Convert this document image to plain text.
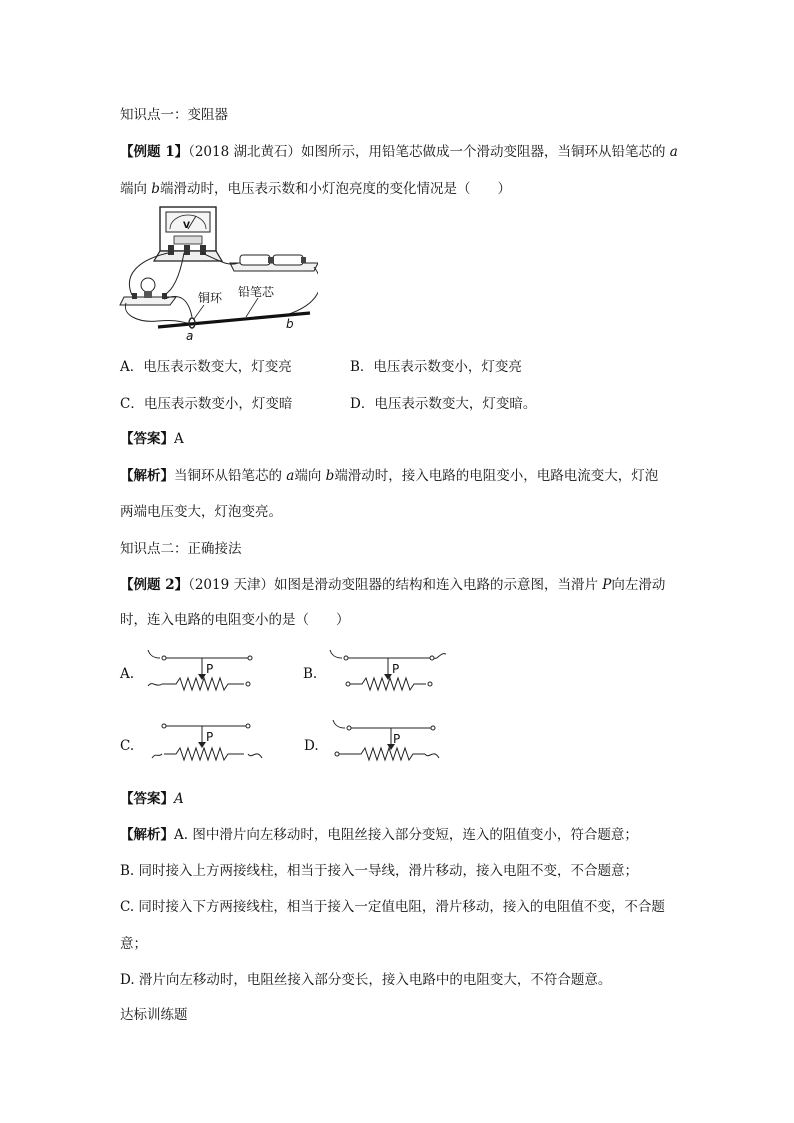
知识点一：变阻器
【例题 1】（2018 湖北黄石）如图所示，用铅笔芯做成一个滑动变阻器，当铜环从铅笔芯的 a
端向 b端滑动时，电压表示数和小灯泡亮度的变化情况是（　　）
V
铜环 铅笔芯
a
b
A．电压表示数变大，灯变亮	B．电压表示数变小，灯变亮
C．电压表示数变小，灯变暗	D．电压表示数变大，灯变暗。
【答案】A
【解析】当铜环从铅笔芯的 a端向 b端滑动时，接入电路的电阻变小，电路电流变大，灯泡
两端电压变大，灯泡变亮。
知识点二：正确接法
【例题 2】（2019 天津）如图是滑动变阻器的结构和连入电路的示意图，当滑片 P向左滑动
时，连入电路的电阻变小的是（　　）
A.	P	B.	P
C.
P
D.	P
【答案】A
【解析】A. 图中滑片向左移动时，电阻丝接入部分变短，连入的阻值变小，符合题意；
B. 同时接入上方两接线柱，相当于接入一导线，滑片移动，接入电阻不变，不合题意；
C. 同时接入下方两接线柱，相当于接入一定值电阻，滑片移动，接入的电阻值不变，不合题
意；
D. 滑片向左移动时，电阻丝接入部分变长，接入电路中的电阻变大，不符合题意。
达标训练题
